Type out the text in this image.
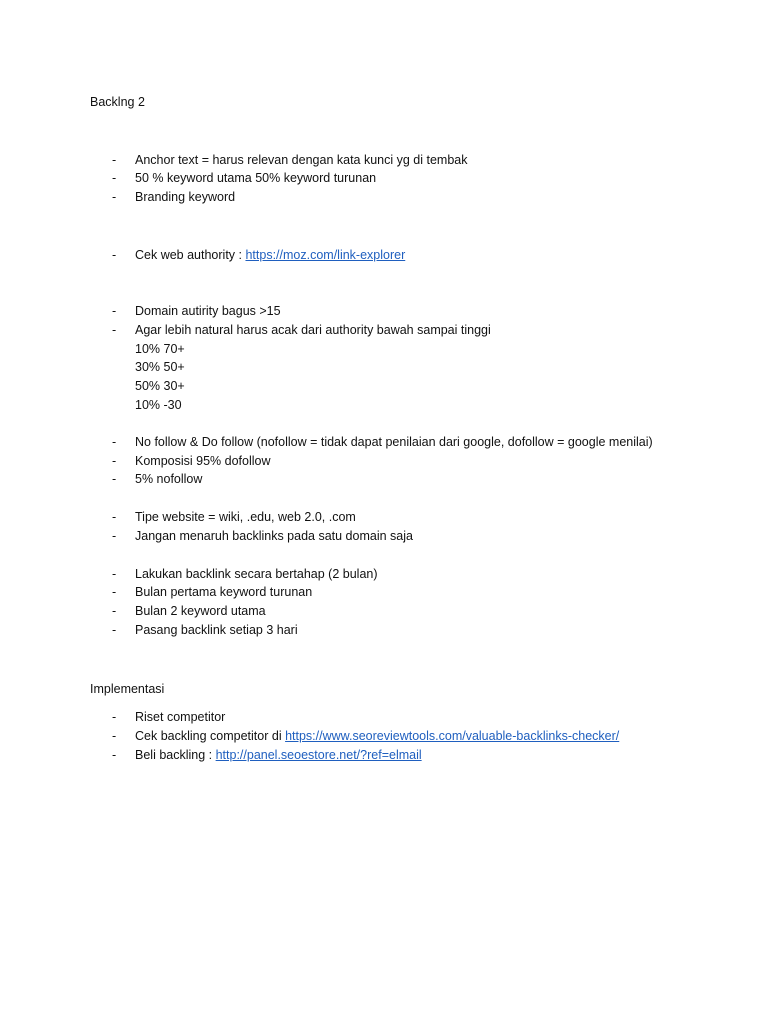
Backlng 2
-	Anchor text = harus relevan dengan kata kunci yg di tembak
-	50 % keyword utama 50% keyword turunan
-	Branding keyword
-	Cek web authority : https://moz.com/link-explorer
-	Domain autirity bagus >15
-	Agar lebih natural harus acak dari authority bawah sampai tinggi
10% 70+
30% 50+
50% 30+
10% -30
-	No follow & Do follow (nofollow = tidak dapat penilaian dari google, dofollow = google menilai)
-	Komposisi 95% dofollow
-	5% nofollow
-	Tipe website = wiki, .edu, web 2.0, .com
-	Jangan menaruh backlinks pada satu domain saja
-	Lakukan backlink secara bertahap (2 bulan)
-	Bulan pertama keyword turunan
-	Bulan 2 keyword utama
-	Pasang backlink setiap 3 hari
Implementasi
-	Riset competitor
-	Cek backling competitor di https://www.seoreviewtools.com/valuable-backlinks-checker/
-	Beli backling : http://panel.seoestore.net/?ref=elmail
